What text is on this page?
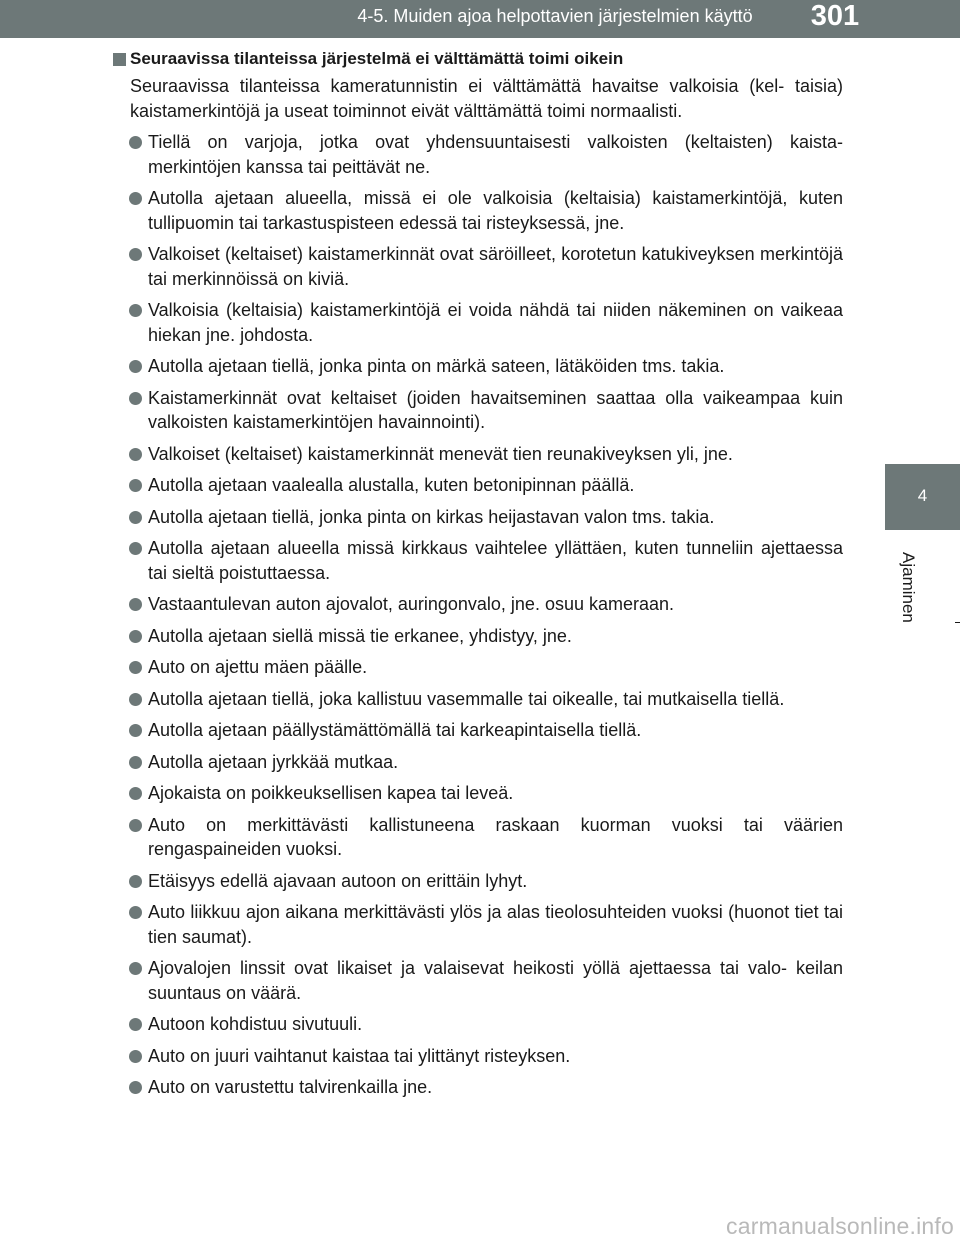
4-5. Muiden ajoa helpottavien järjestelmien käyttö	301
4
Ajaminen
Seuraavissa tilanteissa järjestelmä ei välttämättä toimi oikein

Seuraavissa tilanteissa kameratunnistin ei välttämättä havaitse valkoisia (kel- taisia) kaistamerkintöjä ja useat toiminnot eivät välttämättä toimi normaalisti.

Tiellä on varjoja, jotka ovat yhdensuuntaisesti valkoisten (keltaisten) kaista- merkintöjen kanssa tai peittävät ne.
Autolla ajetaan alueella, missä ei ole valkoisia (keltaisia) kaistamerkintöjä, kuten tullipuomin tai tarkastuspisteen edessä tai risteyksessä, jne.
Valkoiset (keltaiset) kaistamerkinnät ovat säröilleet, korotetun katukiveyksen merkintöjä tai merkinnöissä on kiviä.
Valkoisia (keltaisia) kaistamerkintöjä ei voida nähdä tai niiden näkeminen on vaikeaa hiekan jne. johdosta.
Autolla ajetaan tiellä, jonka pinta on märkä sateen, lätäköiden tms. takia.
Kaistamerkinnät ovat keltaiset (joiden havaitseminen saattaa olla vaikeampaa kuin valkoisten kaistamerkintöjen havainnointi).
Valkoiset (keltaiset) kaistamerkinnät menevät tien reunakiveyksen yli, jne.
Autolla ajetaan vaalealla alustalla, kuten betonipinnan päällä.
Autolla ajetaan tiellä, jonka pinta on kirkas heijastavan valon tms. takia.
Autolla ajetaan alueella missä kirkkaus vaihtelee yllättäen, kuten tunneliin ajettaessa tai sieltä poistuttaessa.
Vastaantulevan auton ajovalot, auringonvalo, jne. osuu kameraan.
Autolla ajetaan siellä missä tie erkanee, yhdistyy, jne.
Auto on ajettu mäen päälle.
Autolla ajetaan tiellä, joka kallistuu vasemmalle tai oikealle, tai mutkaisella tiellä.
Autolla ajetaan päällystämättömällä tai karkeapintaisella tiellä.
Autolla ajetaan jyrkkää mutkaa.
Ajokaista on poikkeuksellisen kapea tai leveä.
Auto on merkittävästi kallistuneena raskaan kuorman vuoksi tai väärien rengaspaineiden vuoksi.
Etäisyys edellä ajavaan autoon on erittäin lyhyt.
Auto liikkuu ajon aikana merkittävästi ylös ja alas tieolosuhteiden vuoksi (huonot tiet tai tien saumat).
Ajovalojen linssit ovat likaiset ja valaisevat heikosti yöllä ajettaessa tai valo- keilan suuntaus on väärä.
Autoon kohdistuu sivutuuli.
Auto on juuri vaihtanut kaistaa tai ylittänyt risteyksen.
Auto on varustettu talvirenkailla jne.
carmanualsonline.info
